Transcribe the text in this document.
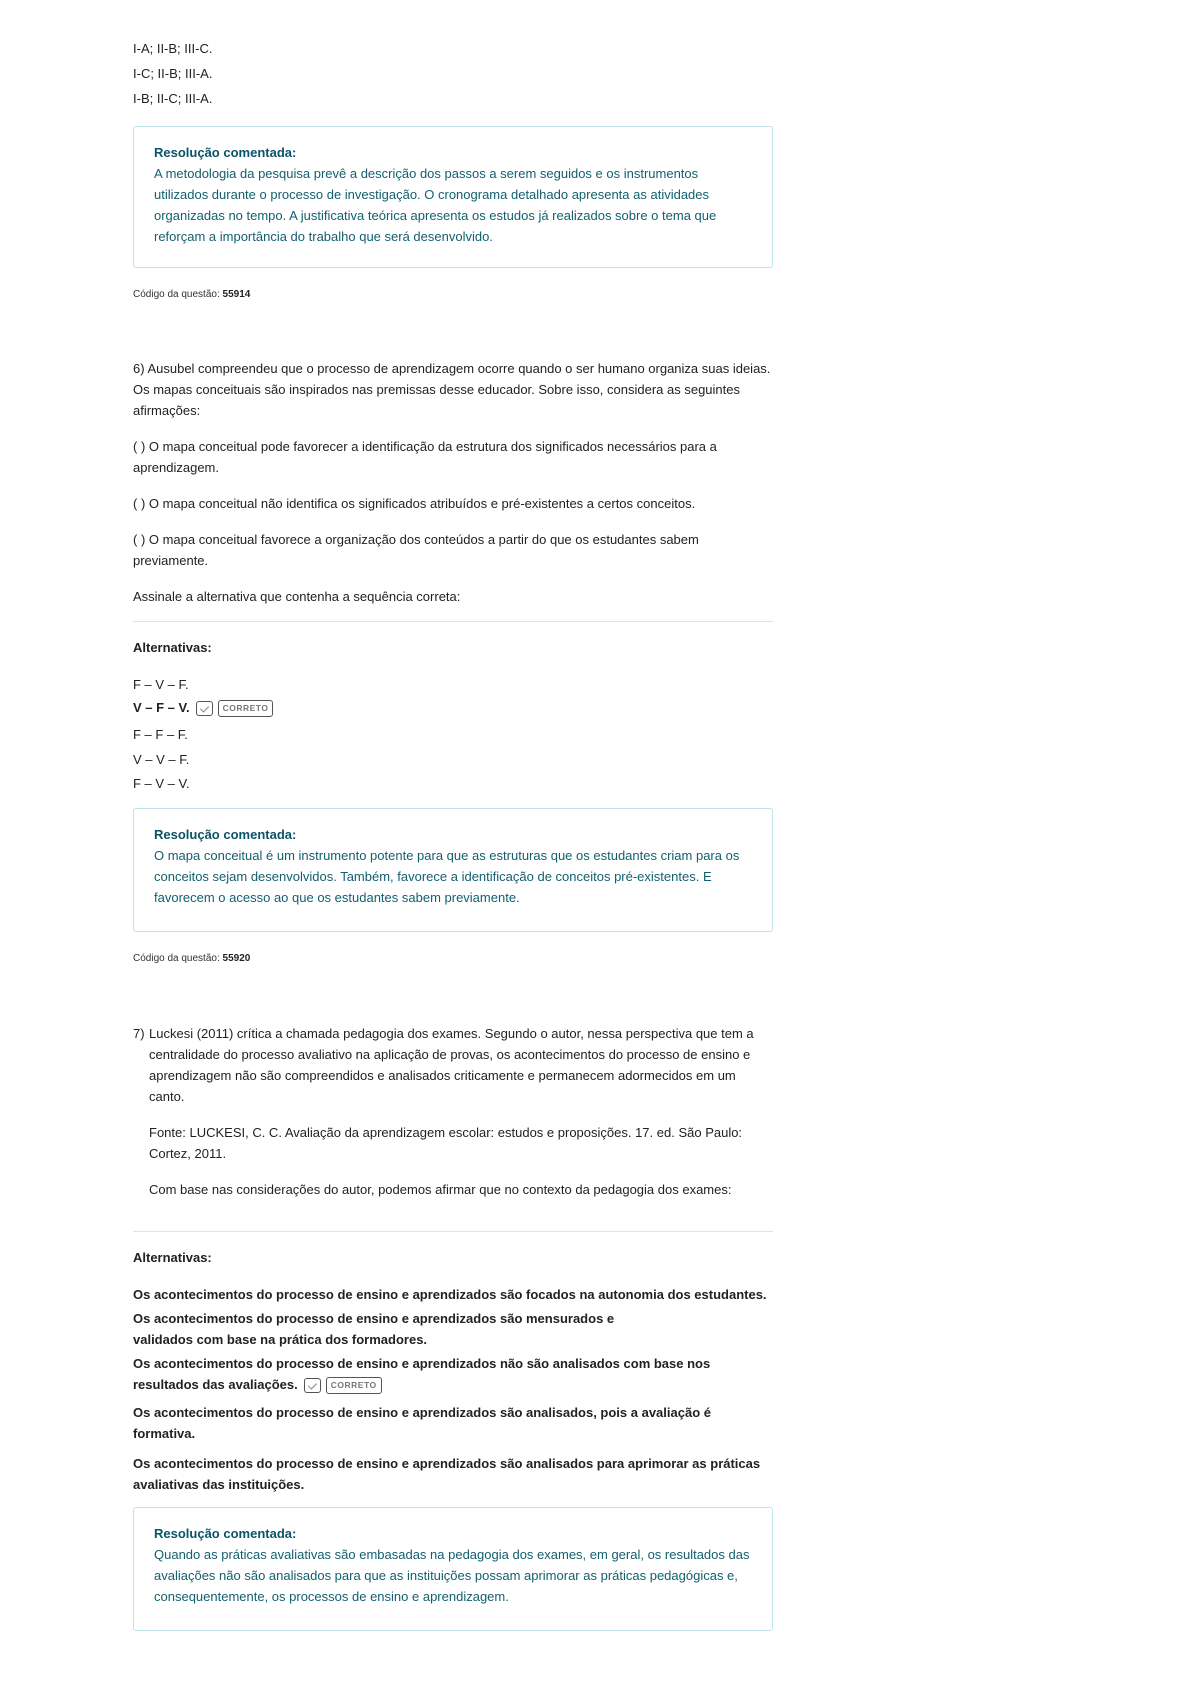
I-A; II-B; III-C.
I-C; II-B; III-A.
I-B; II-C; III-A.
Resolução comentada:
A metodologia da pesquisa prevê a descrição dos passos a serem seguidos e os instrumentos utilizados durante o processo de investigação. O cronograma detalhado apresenta as atividades organizadas no tempo. A justificativa teórica apresenta os estudos já realizados sobre o tema que reforçam a importância do trabalho que será desenvolvido.
Código da questão: 55914
6) Ausubel compreendeu que o processo de aprendizagem ocorre quando o ser humano organiza suas ideias. Os mapas conceituais são inspirados nas premissas desse educador. Sobre isso, considera as seguintes afirmações:
( ) O mapa conceitual pode favorecer a identificação da estrutura dos significados necessários para a aprendizagem.
( ) O mapa conceitual não identifica os significados atribuídos e pré-existentes a certos conceitos.
( ) O mapa conceitual favorece a organização dos conteúdos a partir do que os estudantes sabem previamente.
Assinale a alternativa que contenha a sequência correta:
Alternativas:
F – V – F.
V – F – V.	CORRETO
F – F – F.
V – V – F.
F – V – V.
Resolução comentada:
O mapa conceitual é um instrumento potente para que as estruturas que os estudantes criam para os conceitos sejam desenvolvidos. Também, favorece a identificação de conceitos pré-existentes. E favorecem o acesso ao que os estudantes sabem previamente.
Código da questão: 55920
7) Luckesi (2011) crítica a chamada pedagogia dos exames. Segundo o autor, nessa perspectiva que tem a centralidade do processo avaliativo na aplicação de provas, os acontecimentos do processo de ensino e aprendizagem não são compreendidos e analisados criticamente e permanecem adormecidos em um canto.
Fonte: LUCKESI, C. C. Avaliação da aprendizagem escolar: estudos e proposições. 17. ed. São Paulo: Cortez, 2011.
Com base nas considerações do autor, podemos afirmar que no contexto da pedagogia dos exames:
Alternativas:
Os acontecimentos do processo de ensino e aprendizados são focados na autonomia dos estudantes.
Os acontecimentos do processo de ensino e aprendizados são mensurados e validados com base na prática dos formadores.
Os acontecimentos do processo de ensino e aprendizados não são analisados com base nos resultados das avaliações.	CORRETO
Os acontecimentos do processo de ensino e aprendizados são analisados, pois a avaliação é formativa.
Os acontecimentos do processo de ensino e aprendizados são analisados para aprimorar as práticas avaliativas das instituições.
Resolução comentada:
Quando as práticas avaliativas são embasadas na pedagogia dos exames, em geral, os resultados das avaliações não são analisados para que as instituições possam aprimorar as práticas pedagógicas e, consequentemente, os processos de ensino e aprendizagem.
